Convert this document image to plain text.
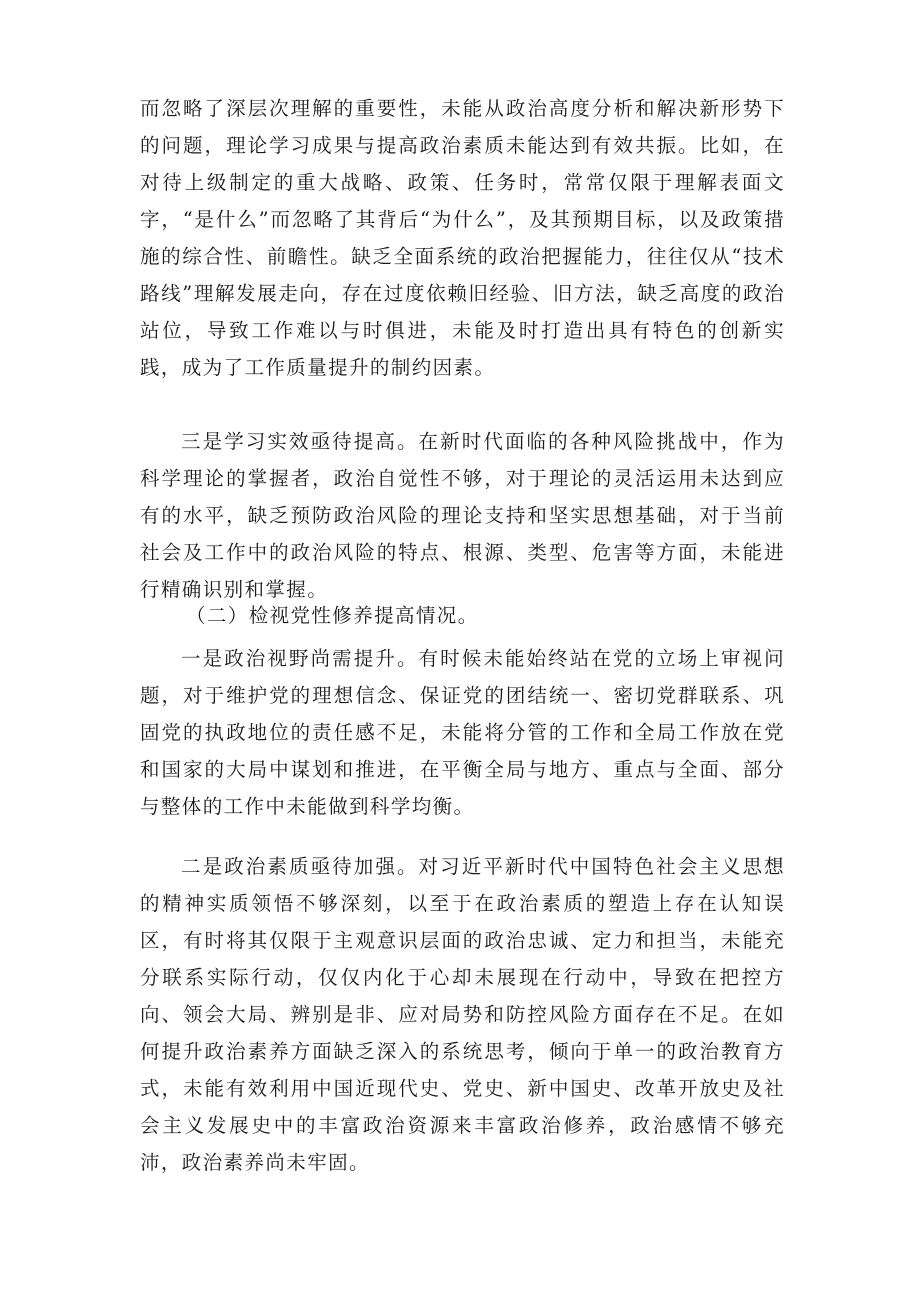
而忽略了深层次理解的重要性，未能从政治高度分析和解决新形势下的问题，理论学习成果与提高政治素质未能达到有效共振。比如，在对待上级制定的重大战略、政策、任务时，常常仅限于理解表面文字，“是什么”而忽略了其背后“为什么”，及其预期目标，以及政策措施的综合性、前瞻性。缺乏全面系统的政治把握能力，往往仅从“技术路线”理解发展走向，存在过度依赖旧经验、旧方法，缺乏高度的政治站位，导致工作难以与时俱进，未能及时打造出具有特色的创新实践，成为了工作质量提升的制约因素。

三是学习实效亟待提高。在新时代面临的各种风险挑战中，作为科学理论的掌握者，政治自觉性不够，对于理论的灵活运用未达到应有的水平，缺乏预防政治风险的理论支持和坚实思想基础，对于当前社会及工作中的政治风险的特点、根源、类型、危害等方面，未能进行精确识别和掌握。

（二）检视党性修养提高情况。

一是政治视野尚需提升。有时候未能始终站在党的立场上审视问题，对于维护党的理想信念、保证党的团结统一、密切党群联系、巩固党的执政地位的责任感不足，未能将分管的工作和全局工作放在党和国家的大局中谋划和推进，在平衡全局与地方、重点与全面、部分与整体的工作中未能做到科学均衡。

二是政治素质亟待加强。对习近平新时代中国特色社会主义思想的精神实质领悟不够深刻，以至于在政治素质的塑造上存在认知误区，有时将其仅限于主观意识层面的政治忠诚、定力和担当，未能充分联系实际行动，仅仅内化于心却未展现在行动中，导致在把控方向、领会大局、辨别是非、应对局势和防控风险方面存在不足。在如何提升政治素养方面缺乏深入的系统思考，倾向于单一的政治教育方式，未能有效利用中国近现代史、党史、新中国史、改革开放史及社会主义发展史中的丰富政治资源来丰富政治修养，政治感情不够充沛，政治素养尚未牢固。
